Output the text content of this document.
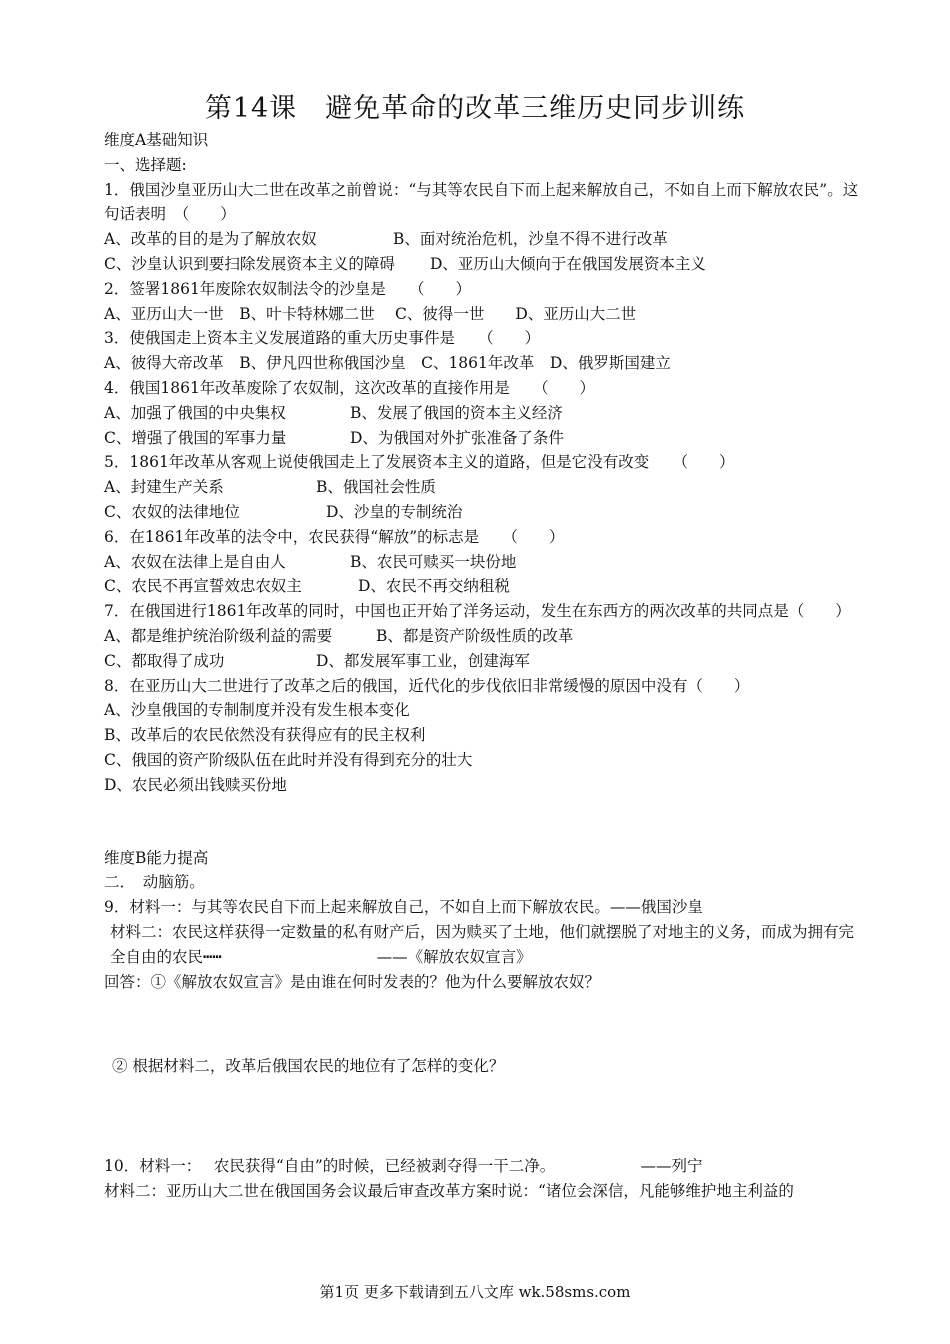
第14课　避免革命的改革三维历史同步训练
维度A基础知识
一、选择题:
1．俄国沙皇亚历山大二世在改革之前曾说：“与其等农民自下而上起来解放自己，不如自上而下解放农民”。这句话表明　（　　）
A、改革的目的是为了解放农奴	B、面对统治危机，沙皇不得不进行改革
C、沙皇认识到要扫除发展资本主义的障碍 D、亚历山大倾向于在俄国发展资本主义
2．签署1861年废除农奴制法令的沙皇是　　（　　）
A、亚历山大一世　B、叶卡特林娜二世　 C、彼得一世　　D、亚历山大二世
3．使俄国走上资本主义发展道路的重大历史事件是　　（　　）
A、彼得大帝改革　B、伊凡四世称俄国沙皇　C、1861年改革　D、俄罗斯国建立
4．俄国1861年改革废除了农奴制，这次改革的直接作用是　　（　　）
A、加强了俄国的中央集权	B、发展了俄国的资本主义经济
C、增强了俄国的军事力量	D、为俄国对外扩张准备了条件
5．1861年改革从客观上说使俄国走上了发展资本主义的道路，但是它没有改变　　（　　）
A、封建生产关系	B、俄国社会性质
C、农奴的法律地位	D、沙皇的专制统治
6．在1861年改革的法令中，农民获得“解放”的标志是　　（　　）
A、农奴在法律上是自由人	B、农民可赎买一块份地
C、农民不再宣誓效忠农奴主	D、农民不再交纳租税
7．在俄国进行1861年改革的同时，中国也正开始了洋务运动，发生在东西方的两次改革的共同点是（　　）
A、都是维护统治阶级利益的需要	B、都是资产阶级性质的改革
C、都取得了成功	D、都发展军事工业，创建海军
8．在亚历山大二世进行了改革之后的俄国，近代化的步伐依旧非常缓慢的原因中没有（　　）
A、沙皇俄国的专制制度并没有发生根本变化
B、改革后的农民依然没有获得应有的民主权利
C、俄国的资产阶级队伍在此时并没有得到充分的壮大
D、农民必须出钱赎买份地
维度B能力提高
二．　动脑筋。
9．材料一：与其等农民自下而上起来解放自己，不如自上而下解放农民。——俄国沙皇
材料二：农民这样获得一定数量的私有财产后，因为赎买了土地，他们就摆脱了对地主的义务，而成为拥有完全自由的农民┅┅　　　　　　　　　　——《解放农奴宣言》
回答：①《解放农奴宣言》是由谁在何时发表的？他为什么要解放农奴？
② 根据材料二，改革后俄国农民的地位有了怎样的变化？
10．材料一：　 农民获得“自由”的时候，已经被剥夺得一干二净。　　　　　　——列宁
材料二：亚历山大二世在俄国国务会议最后审查改革方案时说：“诸位会深信，凡能够维护地主利益的
第1页 更多下载请到五八文库 wk.58sms.com
